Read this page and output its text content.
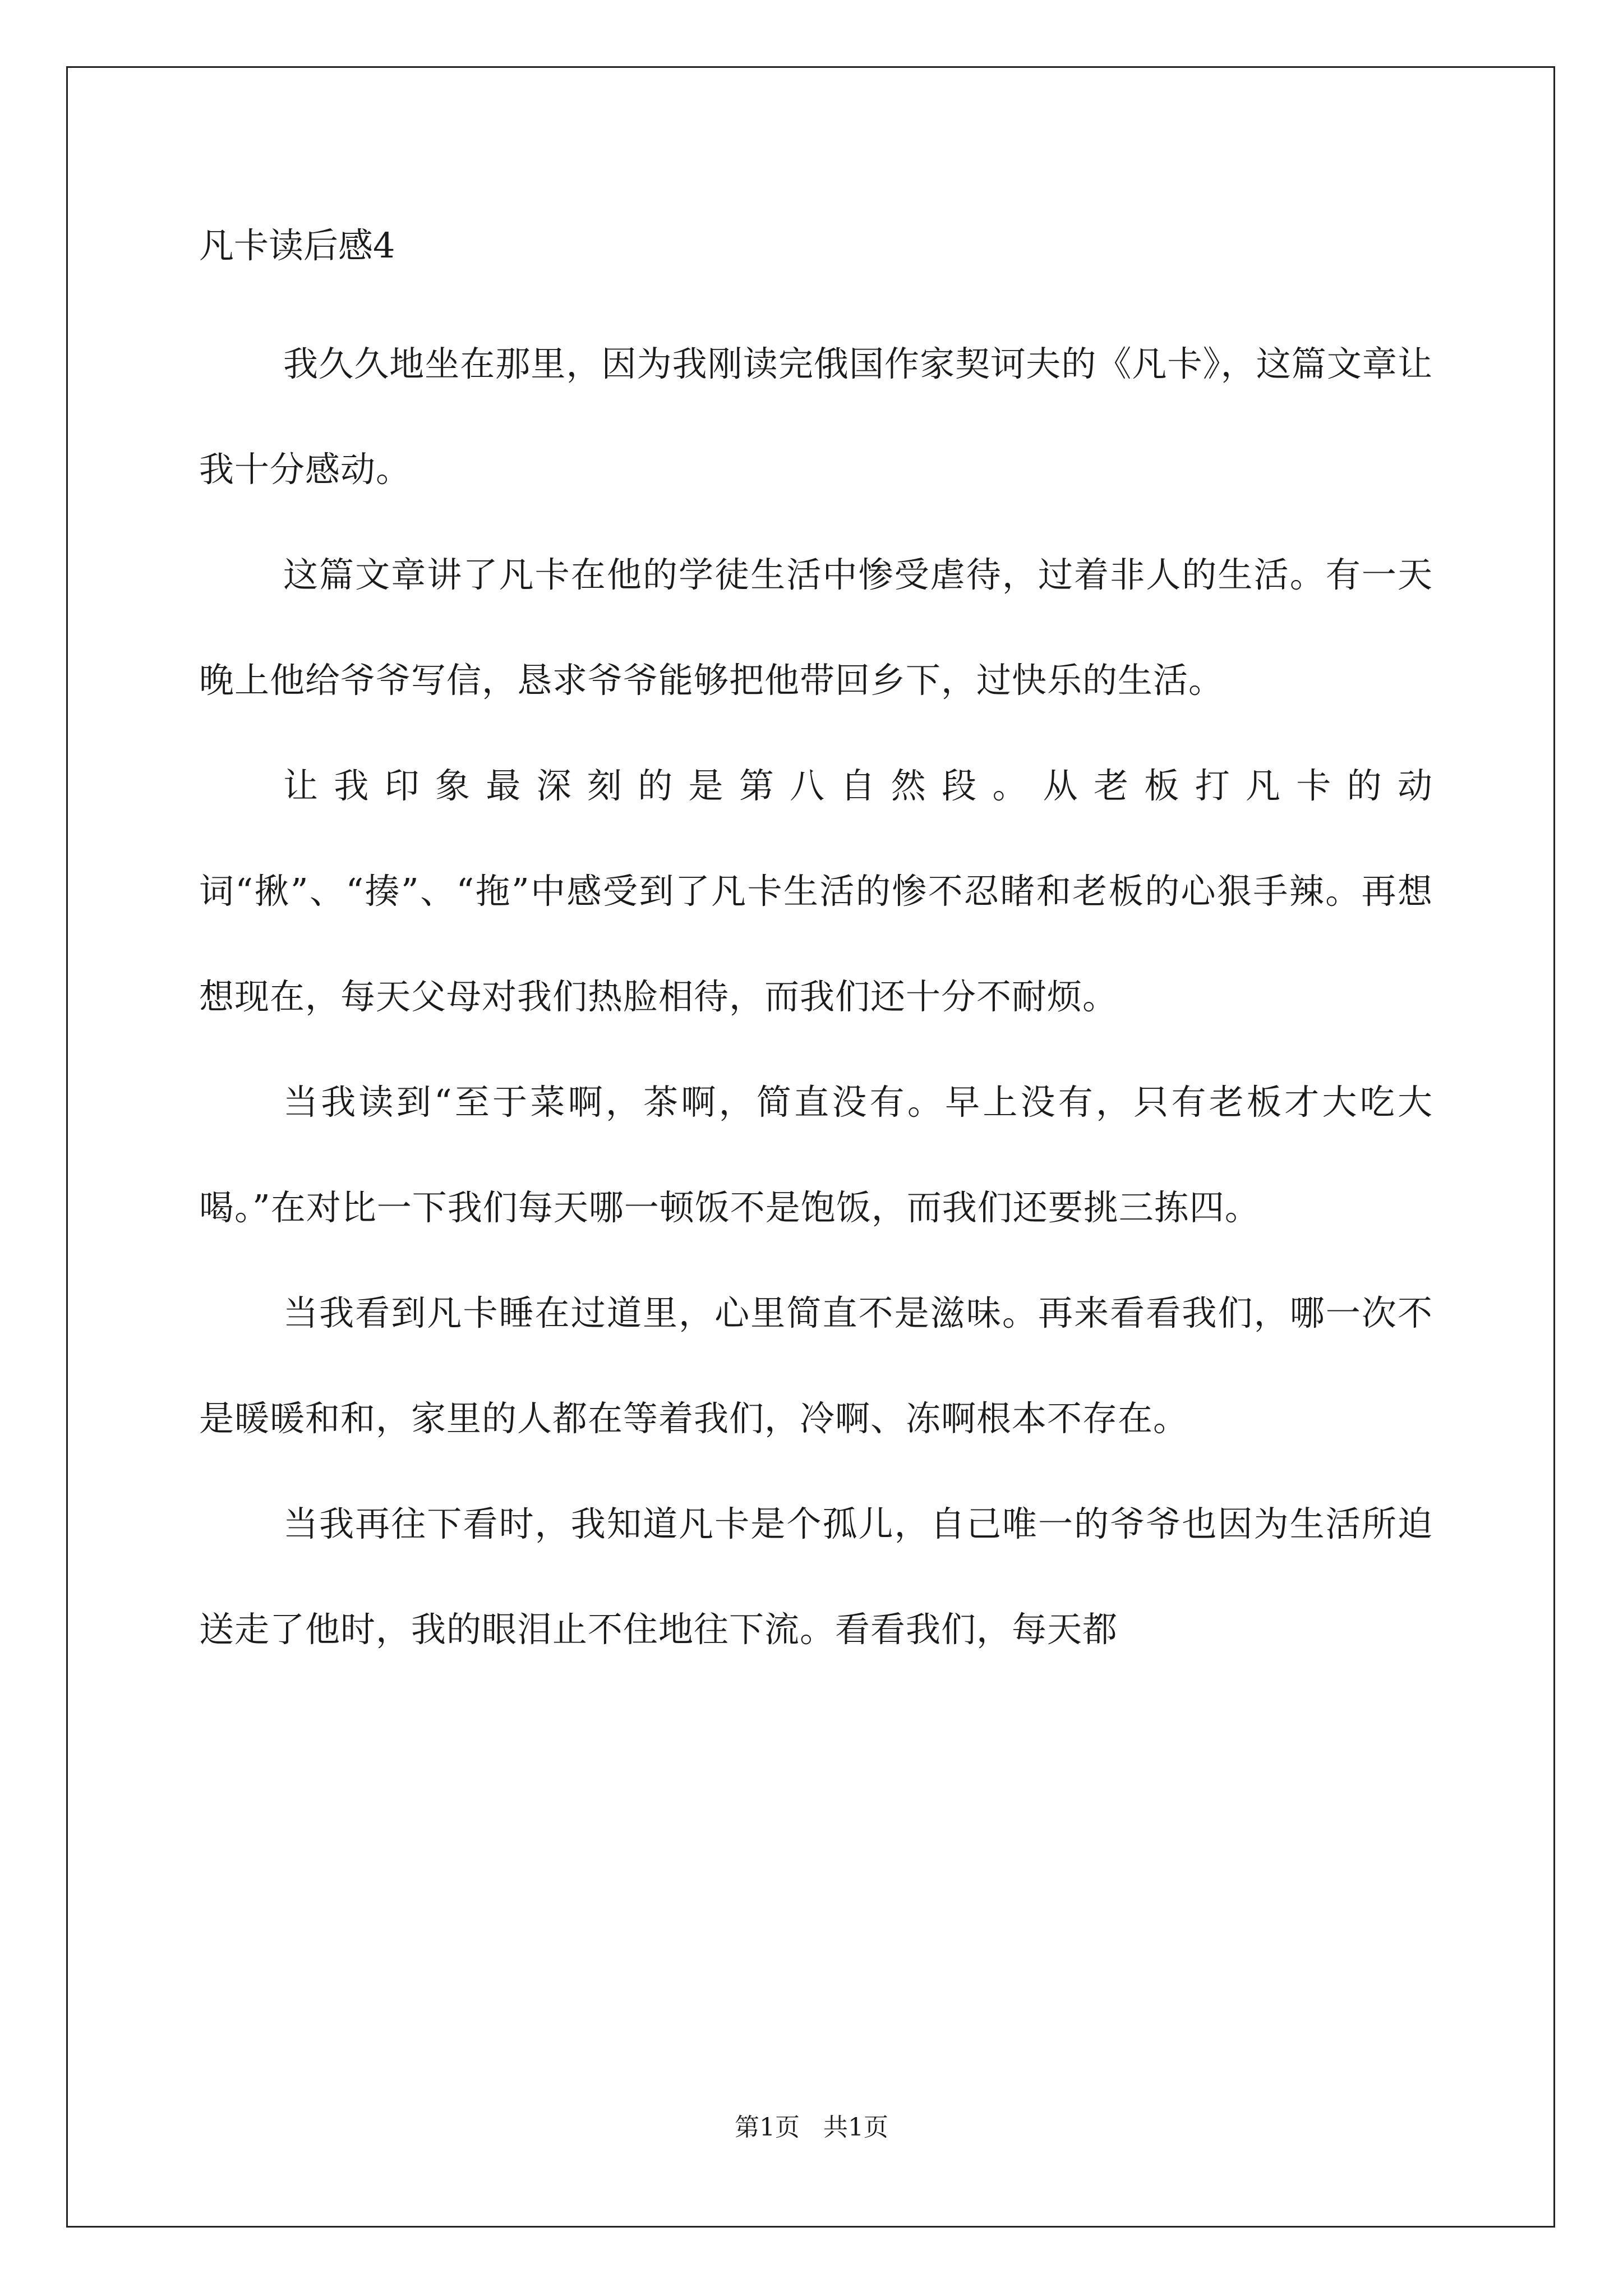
凡卡读后感4

我久久地坐在那里，因为我刚读完俄国作家契诃夫的《凡卡》，这篇文章让我十分感动。

这篇文章讲了凡卡在他的学徒生活中惨受虐待，过着非人的生活。有一天晚上他给爷爷写信，恳求爷爷能够把他带回乡下，过快乐的生活。

让我印象最深刻的是第八自然段。从老板打凡卡的动词“揪”、“揍”、“拖”中感受到了凡卡生活的惨不忍睹和老板的心狠手辣。再想想现在，每天父母对我们热脸相待，而我们还十分不耐烦。

当我读到“至于菜啊，茶啊，简直没有。早上没有，只有老板才大吃大喝。”在对比一下我们每天哪一顿饭不是饱饭，而我们还要挑三拣四。

当我看到凡卡睡在过道里，心里简直不是滋味。再来看看我们，哪一次不是暖暖和和，家里的人都在等着我们，冷啊、冻啊根本不存在。

当我再往下看时，我知道凡卡是个孤儿，自己唯一的爷爷也因为生活所迫送走了他时，我的眼泪止不住地往下流。看看我们，每天都

第1页 共1页
